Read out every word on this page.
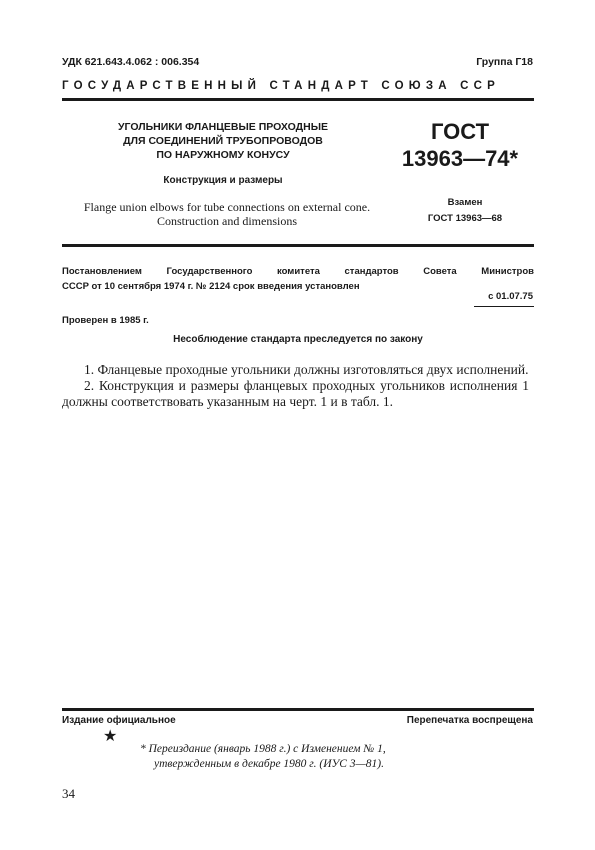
УДК 621.643.4.062 : 006.354	Группа Г18
ГОСУДАРСТВЕННЫЙ СТАНДАРТ СОЮЗА ССР
УГОЛЬНИКИ ФЛАНЦЕВЫЕ ПРОХОДНЫЕ
ДЛЯ СОЕДИНЕНИЙ ТРУБОПРОВОДОВ
ПО НАРУЖНОМУ КОНУСУ
ГОСТ
13963—74*
Конструкция и размеры
Flange union elbows for tube connections on external cone.
Construction and dimensions
Взамен
ГОСТ 13963—68
Постановлением Государственного комитета стандартов Совета Министров
СССР от 10 сентября 1974 г. № 2124 срок введения установлен
с 01.07.75
Проверен в 1985 г.
Несоблюдение стандарта преследуется по закону

1. Фланцевые проходные угольники должны изготовляться двух исполнений.

2. Конструкция и размеры фланцевых проходных угольников исполнения 1 должны соответствовать указанным на черт. 1 и в табл. 1.

Издание официальное	Перепечатка воспрещена
★
* Переиздание (январь 1988 г.) с Изменением № 1,
утвержденным в декабре 1980 г. (ИУС 3—81).
34
